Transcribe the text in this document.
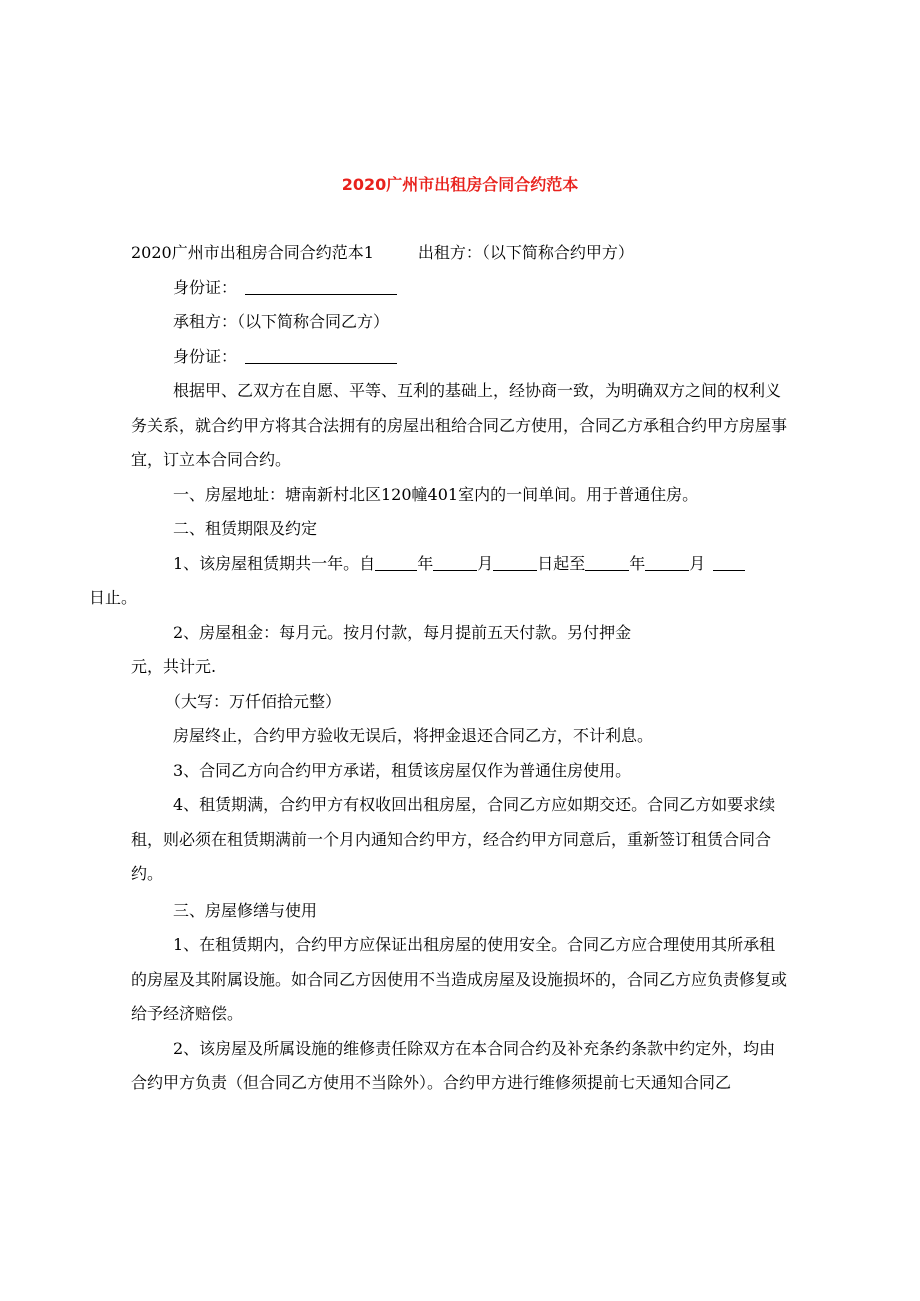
2020广州市出租房合同合约范本

2020广州市出租房合同合约范本1	出租方：（以下简称合约甲方）

身份证：

承租方：（以下简称合同乙方）

身份证：

根据甲、乙双方在自愿、平等、互利的基础上，经协商一致，为明确双方之间的权利义务关系，就合约甲方将其合法拥有的房屋出租给合同乙方使用，合同乙方承租合约甲方房屋事宜，订立本合同合约。

一、房屋地址：塘南新村北区120幢401室内的一间单间。用于普通住房。

二、租赁期限及约定

1、该房屋租赁期共一年。自	年	月	日起至	年	月
日止。

2、房屋租金：每月元。按月付款，每月提前五天付款。另付押金

元，共计元.

（大写：万仟佰拾元整）

房屋终止，合约甲方验收无误后，将押金退还合同乙方，不计利息。

3、合同乙方向合约甲方承诺，租赁该房屋仅作为普通住房使用。

4、租赁期满，合约甲方有权收回出租房屋，合同乙方应如期交还。合同乙方如要求续租，则必须在租赁期满前一个月内通知合约甲方，经合约甲方同意后，重新签订租赁合同合约。

三、房屋修缮与使用

1、在租赁期内，合约甲方应保证出租房屋的使用安全。合同乙方应合理使用其所承租的房屋及其附属设施。如合同乙方因使用不当造成房屋及设施损坏的，合同乙方应负责修复或给予经济赔偿。

2、该房屋及所属设施的维修责任除双方在本合同合约及补充条约条款中约定外，均由合约甲方负责（但合同乙方使用不当除外）。合约甲方进行维修须提前七天通知合同乙
